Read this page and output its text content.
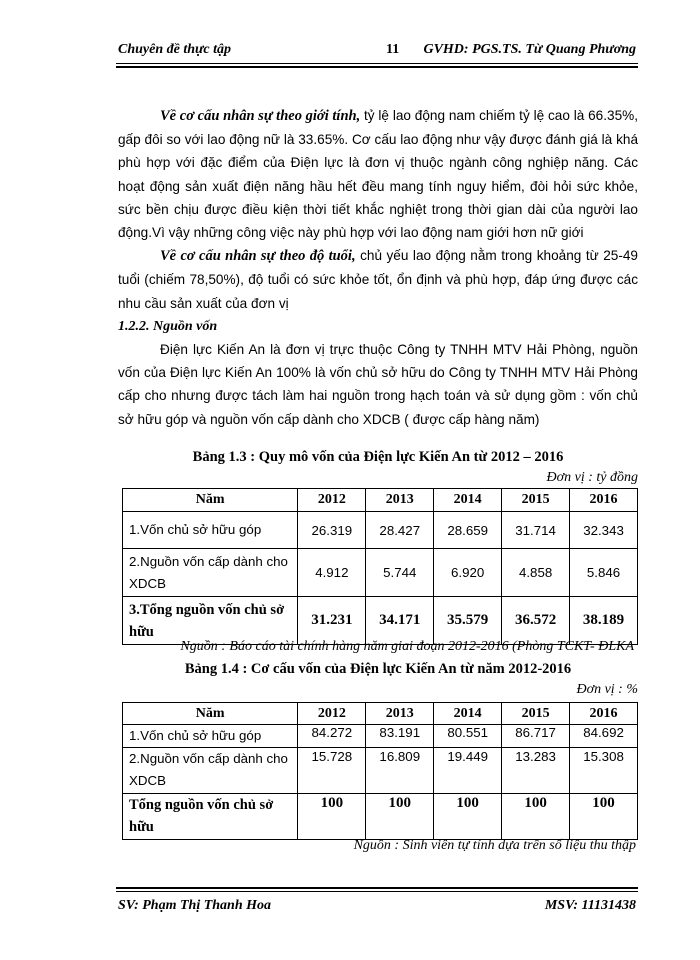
Chuyên đề thực tập	11 GVHD: PGS.TS. Từ Quang Phương

Về cơ cấu nhân sự theo giới tính, tỷ lệ lao động nam chiếm tỷ lệ cao là 66.35%, gấp đôi so với lao động nữ là 33.65%. Cơ cấu lao động như vậy được đánh giá là khá phù hợp với đặc điểm của Điện lực là đơn vị thuộc ngành công nghiệp năng. Các hoạt động sản xuất điện năng hầu hết đều mang tính nguy hiểm, đòi hỏi sức khỏe, sức bền chịu được điều kiện thời tiết khắc nghiệt trong thời gian dài của người lao động.Vì vậy những công việc này phù hợp với lao động nam giới hơn nữ giới

Về cơ cấu nhân sự theo độ tuổi, chủ yếu lao động nằm trong khoảng từ 25-49 tuổi (chiếm 78,50%), độ tuổi có sức khỏe tốt, ổn định và phù hợp, đáp ứng được các nhu cầu sản xuất của đơn vị

1.2.2. Nguồn vốn

Điện lực Kiến An là đơn vị trực thuộc Công ty TNHH MTV Hải Phòng, nguồn vốn của Điện lực Kiến An 100% là vốn chủ sở hữu do Công ty TNHH MTV Hải Phòng cấp cho nhưng được tách làm hai nguồn trong hạch toán và sử dụng gồm : vốn chủ sở hữu góp và nguồn vốn cấp dành cho XDCB ( được cấp hàng năm)

Bảng 1.3 : Quy mô vốn của Điện lực Kiến An từ 2012 – 2016
Đơn vị : tỷ đồng
Năm	2012	2013	2014	2015	2016
1.Vốn chủ sở hữu góp	26.319	28.427	28.659	31.714	32.343
2.Nguồn vốn cấp dành cho XDCB	4.912	5.744	6.920	4.858	5.846
3.Tổng nguồn vốn chủ sở hữu	31.231	34.171	35.579	36.572	38.189
Nguồn : Báo cáo tài chính hàng năm giai đoạn 2012-2016 (Phòng TCKT- ĐLKA
Bảng 1.4 : Cơ cấu vốn của Điện lực Kiến An từ năm 2012-2016
Đơn vị : %
Năm	2012	2013	2014	2015	2016
1.Vốn chủ sở hữu góp	84.272	83.191	80.551	86.717	84.692
2.Nguồn vốn cấp dành cho XDCB	15.728	16.809	19.449	13.283	15.308
Tổng nguồn vốn chủ sở hữu	100	100	100	100	100
Nguồn : Sinh viên tự tính dựa trên số liệu thu thập
SV: Phạm Thị Thanh Hoa	MSV: 11131438
